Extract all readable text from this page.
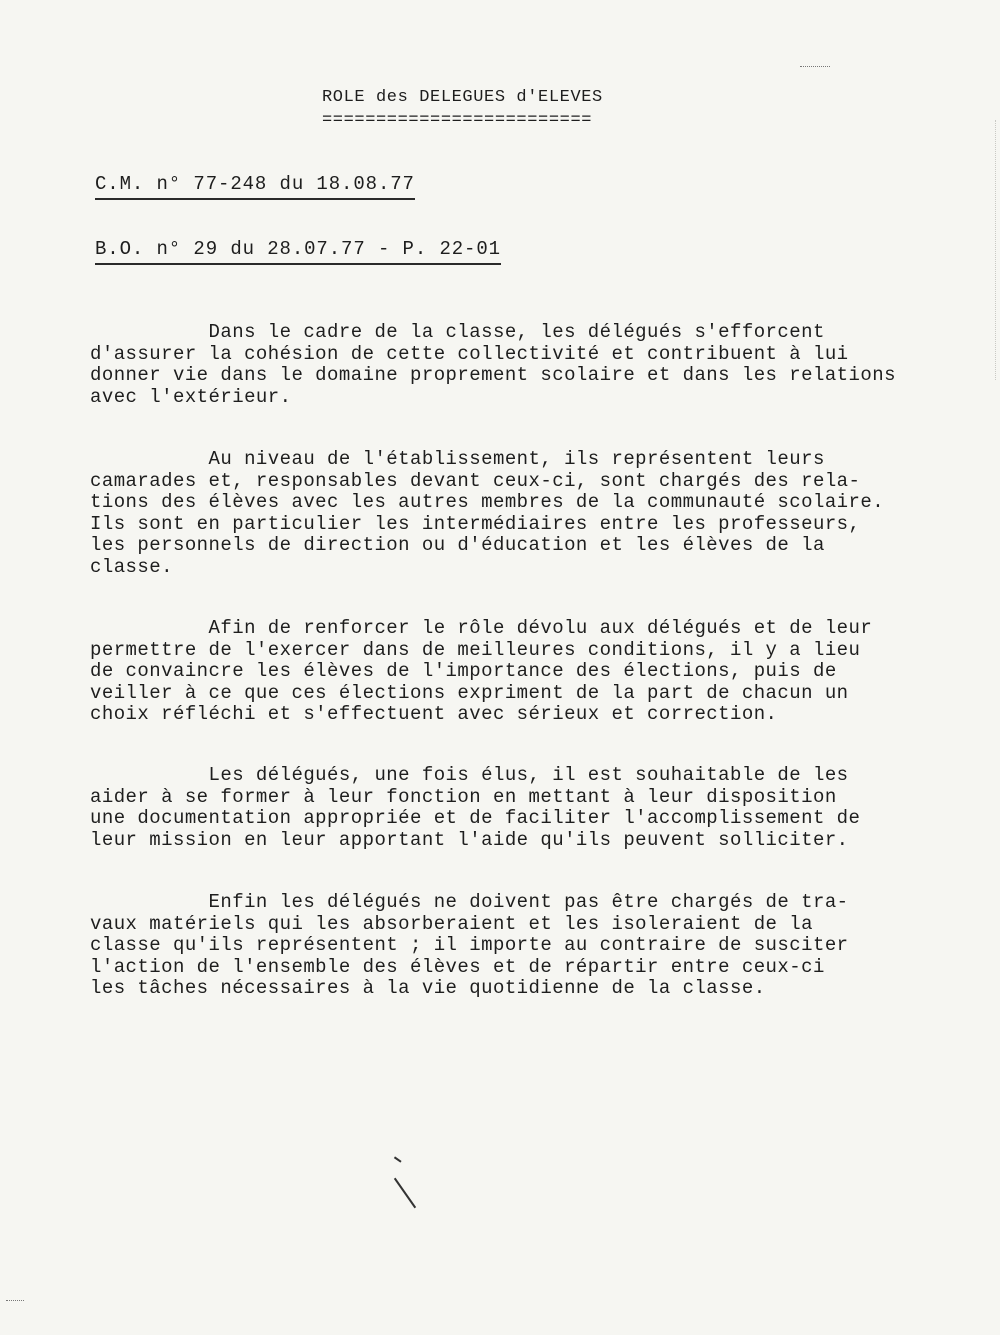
ROLE des DELEGUES d'ELEVES
=========================
C.M. n° 77-248 du 18.08.77
B.O. n° 29 du 28.07.77 - P. 22-01
Dans le cadre de la classe, les délégués s'efforcent
d'assurer la cohésion de cette collectivité et contribuent à lui
donner vie dans le domaine proprement scolaire et dans les relations
avec l'extérieur.
Au niveau de l'établissement, ils représentent leurs
camarades et, responsables devant ceux-ci, sont chargés des rela-
tions des élèves avec les autres membres de la communauté scolaire.
Ils sont en particulier les intermédiaires entre les professeurs,
les personnels de direction ou d'éducation et les élèves de la
classe.
Afin de renforcer le rôle dévolu aux délégués et de leur
permettre de l'exercer dans de meilleures conditions, il y a lieu
de convaincre les élèves de l'importance des élections, puis de
veiller à ce que ces élections expriment de la part de chacun un
choix réfléchi et s'effectuent avec sérieux et correction.
Les délégués, une fois élus, il est souhaitable de les
aider à se former à leur fonction en mettant à leur disposition
une documentation appropriée et de faciliter l'accomplissement de
leur mission en leur apportant l'aide qu'ils peuvent solliciter.
Enfin les délégués ne doivent pas être chargés de tra-
vaux matériels qui les absorberaient et les isoleraient de la
classe qu'ils représentent ; il importe au contraire de susciter
l'action de l'ensemble des élèves et de répartir entre ceux-ci
les tâches nécessaires à la vie quotidienne de la classe.
